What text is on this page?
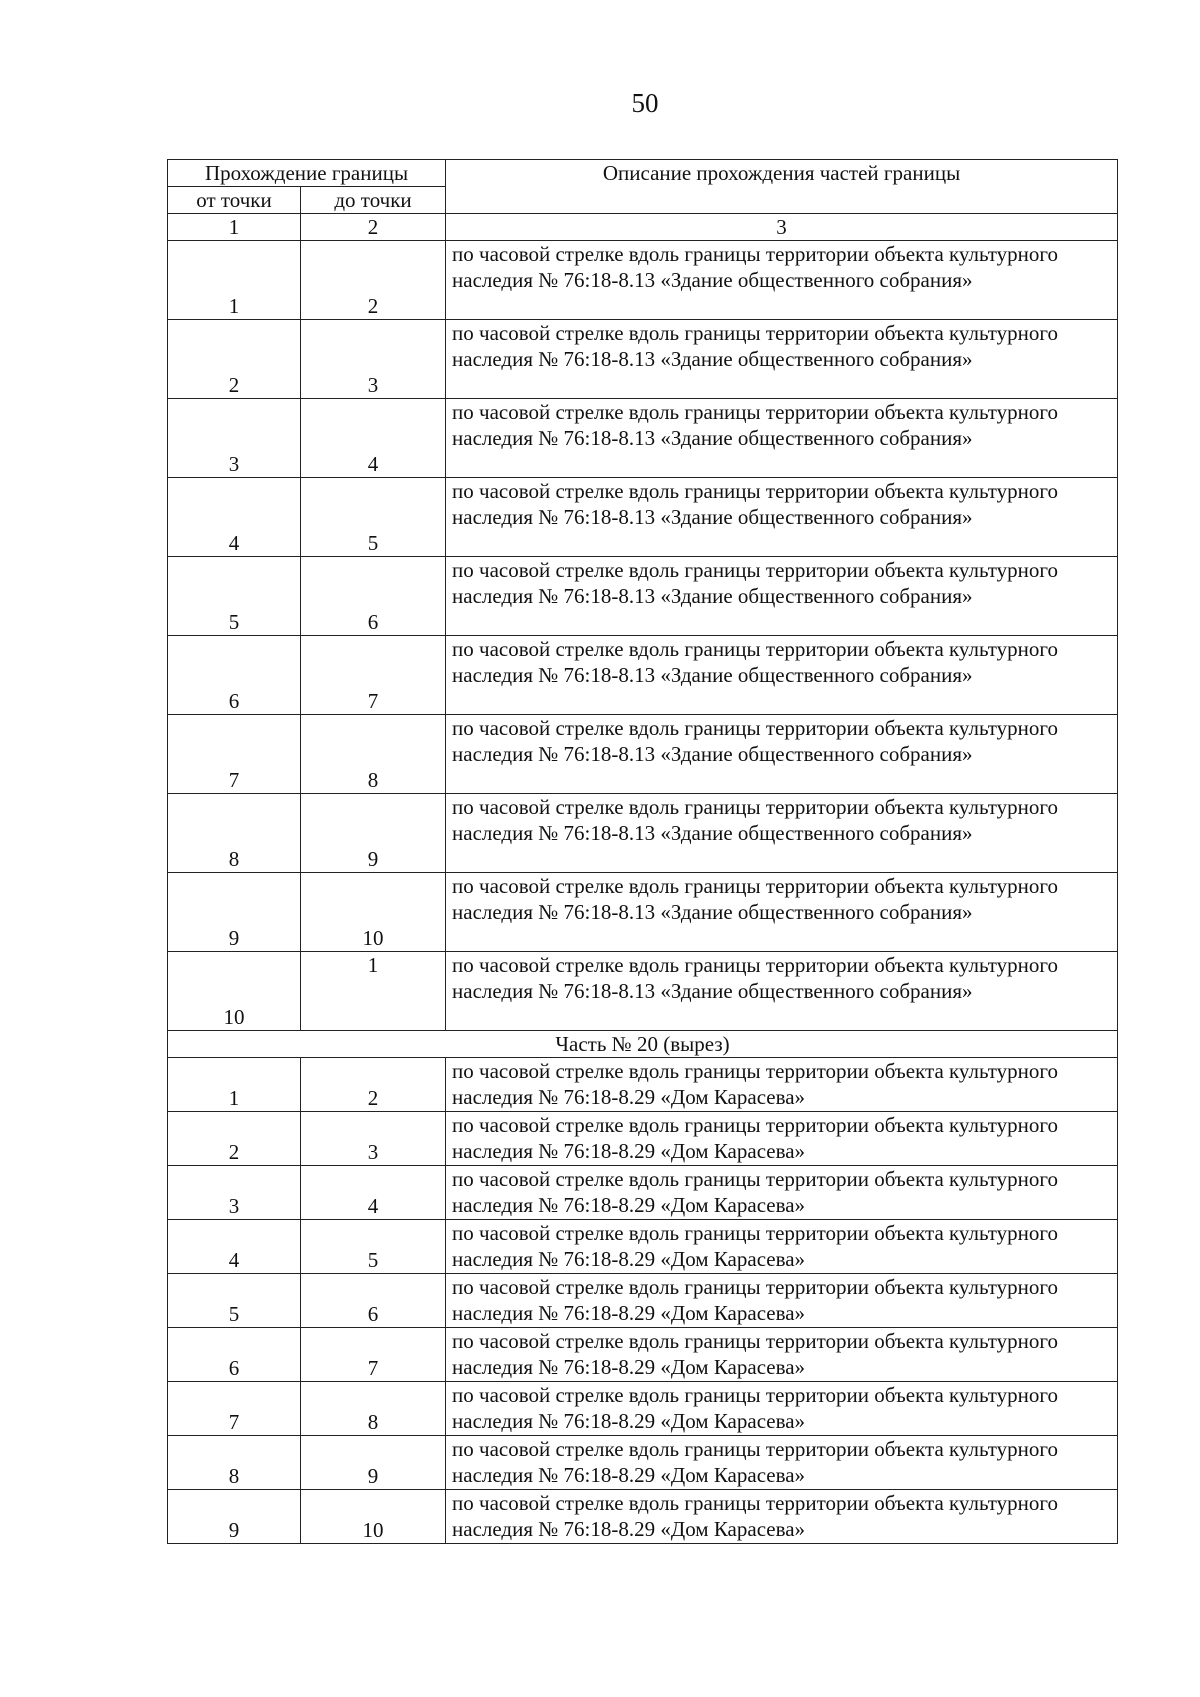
50
Прохождение границы		Описание прохождения частей границы
от точки	до точки	
1	2	3
1	2	по часовой стрелке вдоль границы территории объекта культурного наследия № 76:18-8.13 «Здание общественного собрания»
2	3	по часовой стрелке вдоль границы территории объекта культурного наследия № 76:18-8.13 «Здание общественного собрания»
3	4	по часовой стрелке вдоль границы территории объекта культурного наследия № 76:18-8.13 «Здание общественного собрания»
4	5	по часовой стрелке вдоль границы территории объекта культурного наследия № 76:18-8.13 «Здание общественного собрания»
5	6	по часовой стрелке вдоль границы территории объекта культурного наследия № 76:18-8.13 «Здание общественного собрания»
6	7	по часовой стрелке вдоль границы территории объекта культурного наследия № 76:18-8.13 «Здание общественного собрания»
7	8	по часовой стрелке вдоль границы территории объекта культурного наследия № 76:18-8.13 «Здание общественного собрания»
8	9	по часовой стрелке вдоль границы территории объекта культурного наследия № 76:18-8.13 «Здание общественного собрания»
9	10	по часовой стрелке вдоль границы территории объекта культурного наследия № 76:18-8.13 «Здание общественного собрания»
10	1	по часовой стрелке вдоль границы территории объекта культурного наследия № 76:18-8.13 «Здание общественного собрания»
Часть № 20 (вырез)		
1	2	по часовой стрелке вдоль границы территории объекта культурного наследия № 76:18-8.29 «Дом Карасева»
2	3	по часовой стрелке вдоль границы территории объекта культурного наследия № 76:18-8.29 «Дом Карасева»
3	4	по часовой стрелке вдоль границы территории объекта культурного наследия № 76:18-8.29 «Дом Карасева»
4	5	по часовой стрелке вдоль границы территории объекта культурного наследия № 76:18-8.29 «Дом Карасева»
5	6	по часовой стрелке вдоль границы территории объекта культурного наследия № 76:18-8.29 «Дом Карасева»
6	7	по часовой стрелке вдоль границы территории объекта культурного наследия № 76:18-8.29 «Дом Карасева»
7	8	по часовой стрелке вдоль границы территории объекта культурного наследия № 76:18-8.29 «Дом Карасева»
8	9	по часовой стрелке вдоль границы территории объекта культурного наследия № 76:18-8.29 «Дом Карасева»
9	10	по часовой стрелке вдоль границы территории объекта культурного наследия № 76:18-8.29 «Дом Карасева»
